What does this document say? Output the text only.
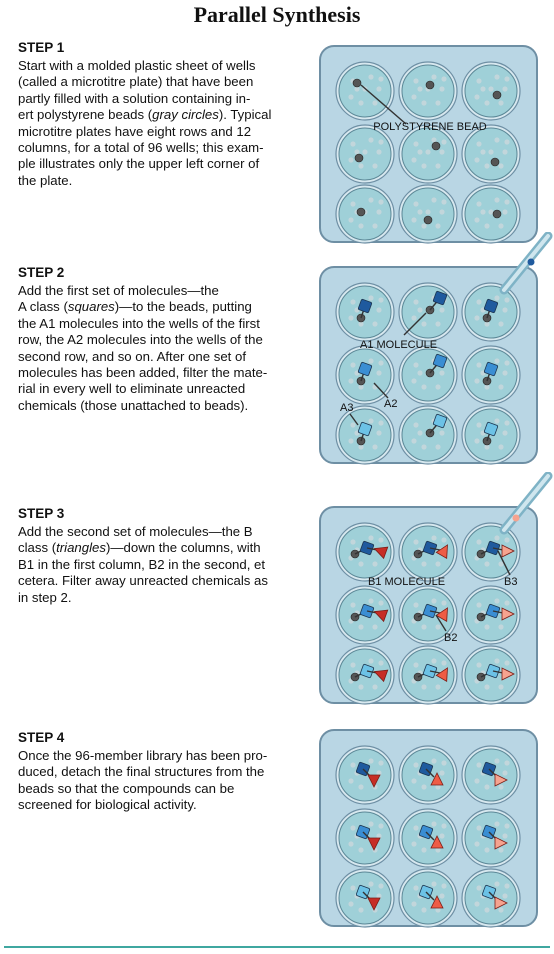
Parallel Synthesis
STEP 1

Start with a molded plastic sheet of wells
(called a microtitre plate) that have been
partly filled with a solution containing in-
ert polystyrene beads (gray circles). Typical
microtitre plates have eight rows and 12
columns, for a total of 96 wells; this exam-
ple illustrates only the upper left corner of
the plate.

STEP 2

Add the first set of molecules—the
A class (squares)—to the beads, putting
the A1 molecules into the wells of the first
row, the A2 molecules into the wells of the
second row, and so on. After one set of
molecules has been added, filter the mate-
rial in every well to eliminate unreacted
chemicals (those unattached to beads).

STEP 3

Add the second set of molecules—the B
class (triangles)—down the columns, with
B1 in the first column, B2 in the second, et
cetera. Filter away unreacted chemicals as
in step 2.

STEP 4

Once the 96-member library has been pro-
duced, detach the final structures from the
beads so that the compounds can be
screened for biological activity.

POLYSTYRENE BEAD
A1 MOLECULE
A2
A3
B1 MOLECULE	B3
B2
